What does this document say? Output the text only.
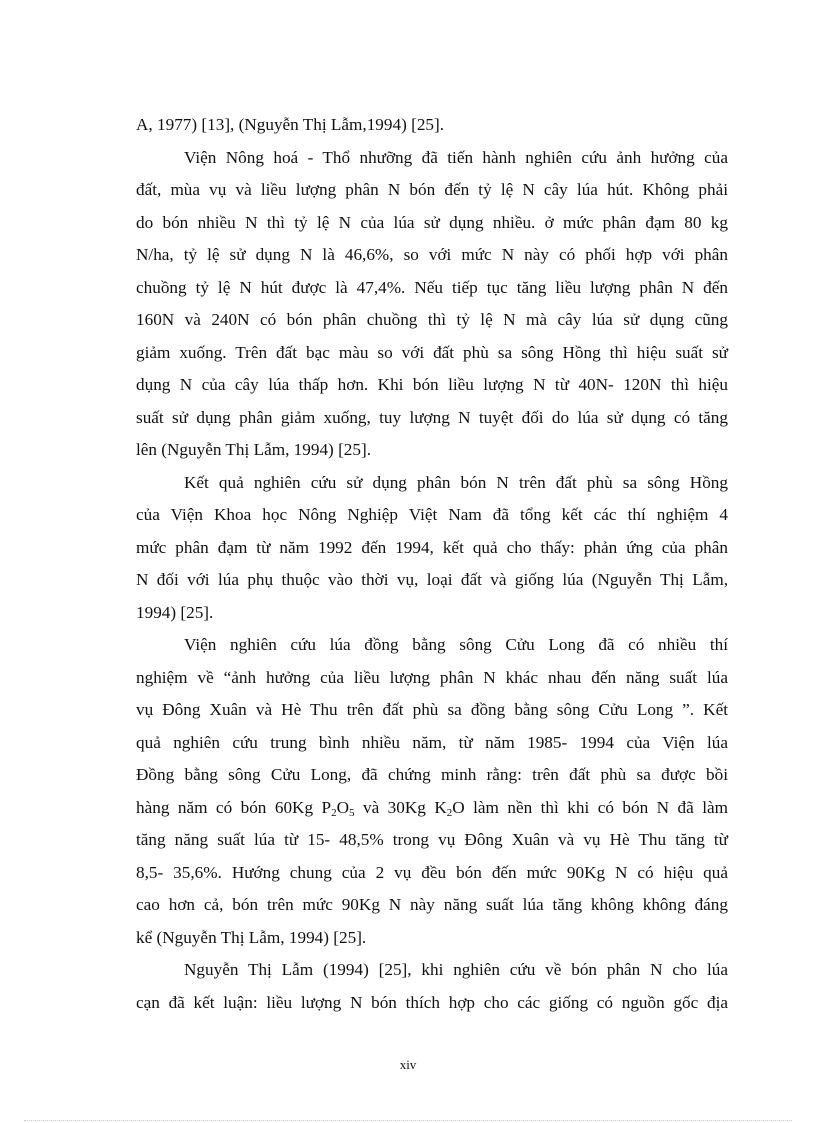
A, 1977) [13], (Nguyễn Thị Lẫm,1994) [25].
Viện Nông hoá - Thổ nhưỡng đã tiến hành nghiên cứu ảnh hưởng của
đất, mùa vụ và liều lượng phân N bón đến tỷ lệ N cây lúa hút. Không phải
do bón nhiều N thì tỷ lệ N của lúa sử dụng nhiều. ở mức phân đạm 80 kg
N/ha, tỷ lệ sử dụng N là 46,6%, so với mức N này có phối hợp với phân
chuồng tỷ lệ N hút được là 47,4%. Nếu tiếp tục tăng liều lượng phân N đến
160N và 240N có bón phân chuồng thì tỷ lệ N mà cây lúa sử dụng cũng
giảm xuống. Trên đất bạc màu so với đất phù sa sông Hồng thì hiệu suất sử
dụng N của cây lúa thấp hơn. Khi bón liều lượng N từ 40N- 120N thì hiệu
suất sử dụng phân giảm xuống, tuy lượng N tuyệt đối do lúa sử dụng có tăng
lên (Nguyễn Thị Lẫm, 1994) [25].
Kết quả nghiên cứu sử dụng phân bón N trên đất phù sa sông Hồng
của Viện Khoa học Nông Nghiệp Việt Nam đã tổng kết các thí nghiệm 4
mức phân đạm từ năm 1992 đến 1994, kết quả cho thấy: phản ứng của phân
N đối với lúa phụ thuộc vào thời vụ, loại đất và giống lúa (Nguyễn Thị Lẫm,
1994) [25].
Viện nghiên cứu lúa đồng bằng sông Cửu Long đã có nhiều thí
nghiệm về “ảnh hưởng của liều lượng phân N khác nhau đến năng suất lúa
vụ Đông Xuân và Hè Thu trên đất phù sa đồng bằng sông Cửu Long ”. Kết
quả nghiên cứu trung bình nhiều năm, từ năm 1985- 1994 của Viện lúa
Đồng bằng sông Cửu Long, đã chứng minh rằng: trên đất phù sa được bồi
hàng năm có bón 60Kg $P_2O_5$ và 30Kg $K_2O$ làm nền thì khi có bón N đã làm
tăng năng suất lúa từ 15- 48,5% trong vụ Đông Xuân và vụ Hè Thu tăng từ
8,5- 35,6%. Hướng chung của 2 vụ đều bón đến mức 90Kg N có hiệu quả
cao hơn cả, bón trên mức 90Kg N này năng suất lúa tăng không không đáng
kể (Nguyễn Thị Lẫm, 1994) [25].
Nguyễn Thị Lẫm (1994) [25], khi nghiên cứu về bón phân N cho lúa
cạn đã kết luận: liều lượng N bón thích hợp cho các giống có nguồn gốc địa
xiv
